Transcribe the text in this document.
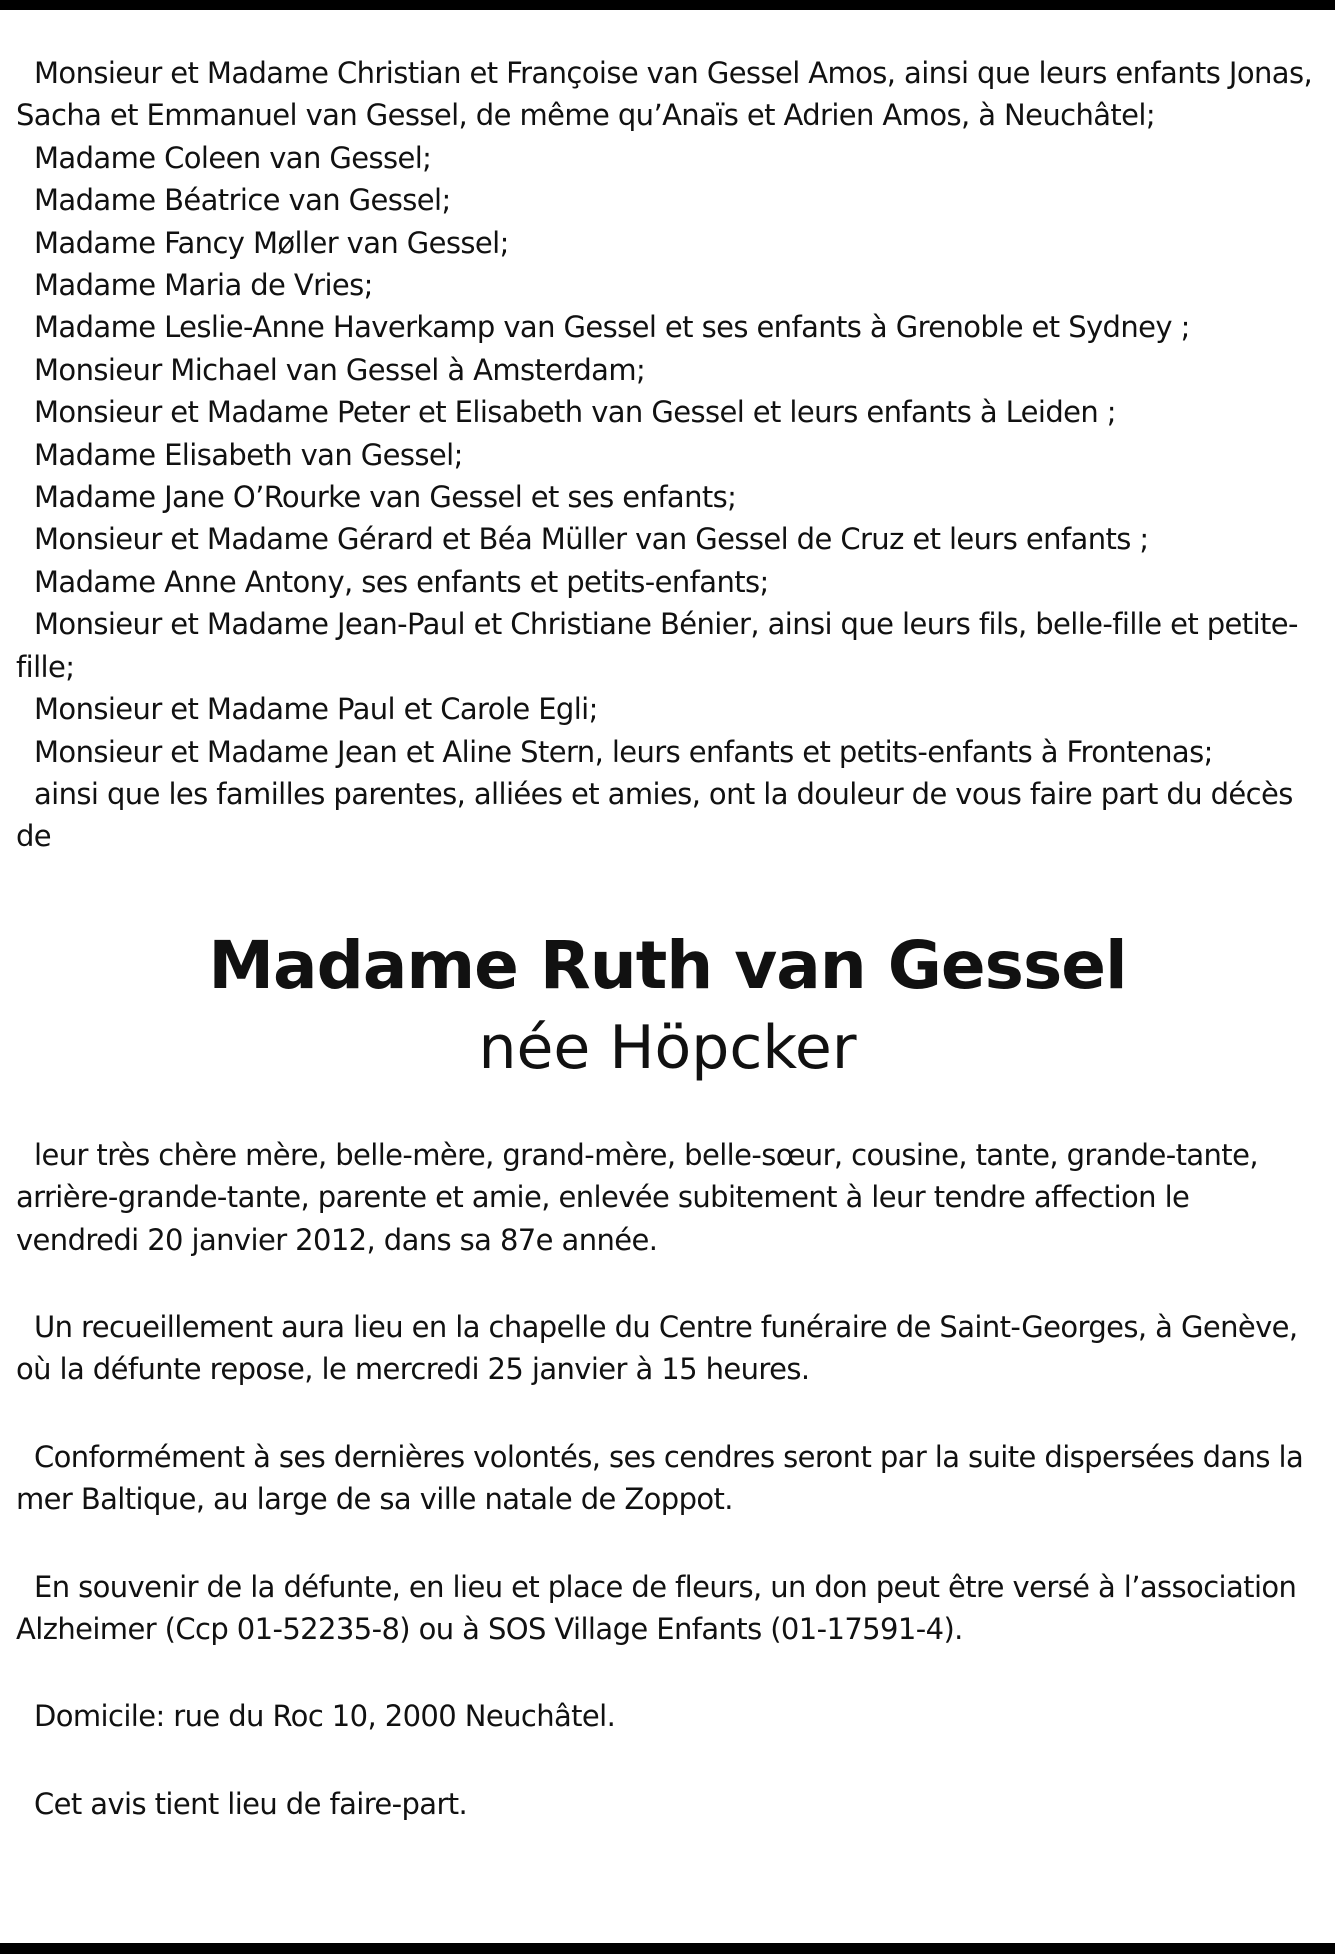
Monsieur et Madame Christian et Françoise van Gessel Amos, ainsi que leurs enfants Jonas, Sacha et Emmanuel van Gessel, de même qu’Anaïs et Adrien Amos, à Neuchâtel;

Madame Coleen van Gessel;

Madame Béatrice van Gessel;

Madame Fancy Møller van Gessel;

Madame Maria de Vries;

Madame Leslie-Anne Haverkamp van Gessel et ses enfants à Grenoble et Sydney ;

Monsieur Michael van Gessel à Amsterdam;

Monsieur et Madame Peter et Elisabeth van Gessel et leurs enfants à Leiden ;

Madame Elisabeth van Gessel;

Madame Jane O’Rourke van Gessel et ses enfants;

Monsieur et Madame Gérard et Béa Müller van Gessel de Cruz et leurs enfants ;

Madame Anne Antony, ses enfants et petits-enfants;

Monsieur et Madame Jean-Paul et Christiane Bénier, ainsi que leurs fils, belle-fille et petite-fille;

Monsieur et Madame Paul et Carole Egli;

Monsieur et Madame Jean et Aline Stern, leurs enfants et petits-enfants à Frontenas;

ainsi que les familles parentes, alliées et amies, ont la douleur de vous faire part du décès de

Madame Ruth van Gessel
née Höpcker

leur très chère mère, belle-mère, grand-mère, belle-sœur, cousine, tante, grande-tante, arrière-grande-tante, parente et amie, enlevée subitement à leur tendre affection le vendredi 20 janvier 2012, dans sa 87e année.

Un recueillement aura lieu en la chapelle du Centre funéraire de Saint-Georges, à Genève, où la défunte repose, le mercredi 25 janvier à 15 heures.

Conformément à ses dernières volontés, ses cendres seront par la suite dispersées dans la mer Baltique, au large de sa ville natale de Zoppot.

En souvenir de la défunte, en lieu et place de fleurs, un don peut être versé à l’association Alzheimer (Ccp 01-52235-8) ou à SOS Village Enfants (01-17591-4).

Domicile: rue du Roc 10, 2000 Neuchâtel.

Cet avis tient lieu de faire-part.
